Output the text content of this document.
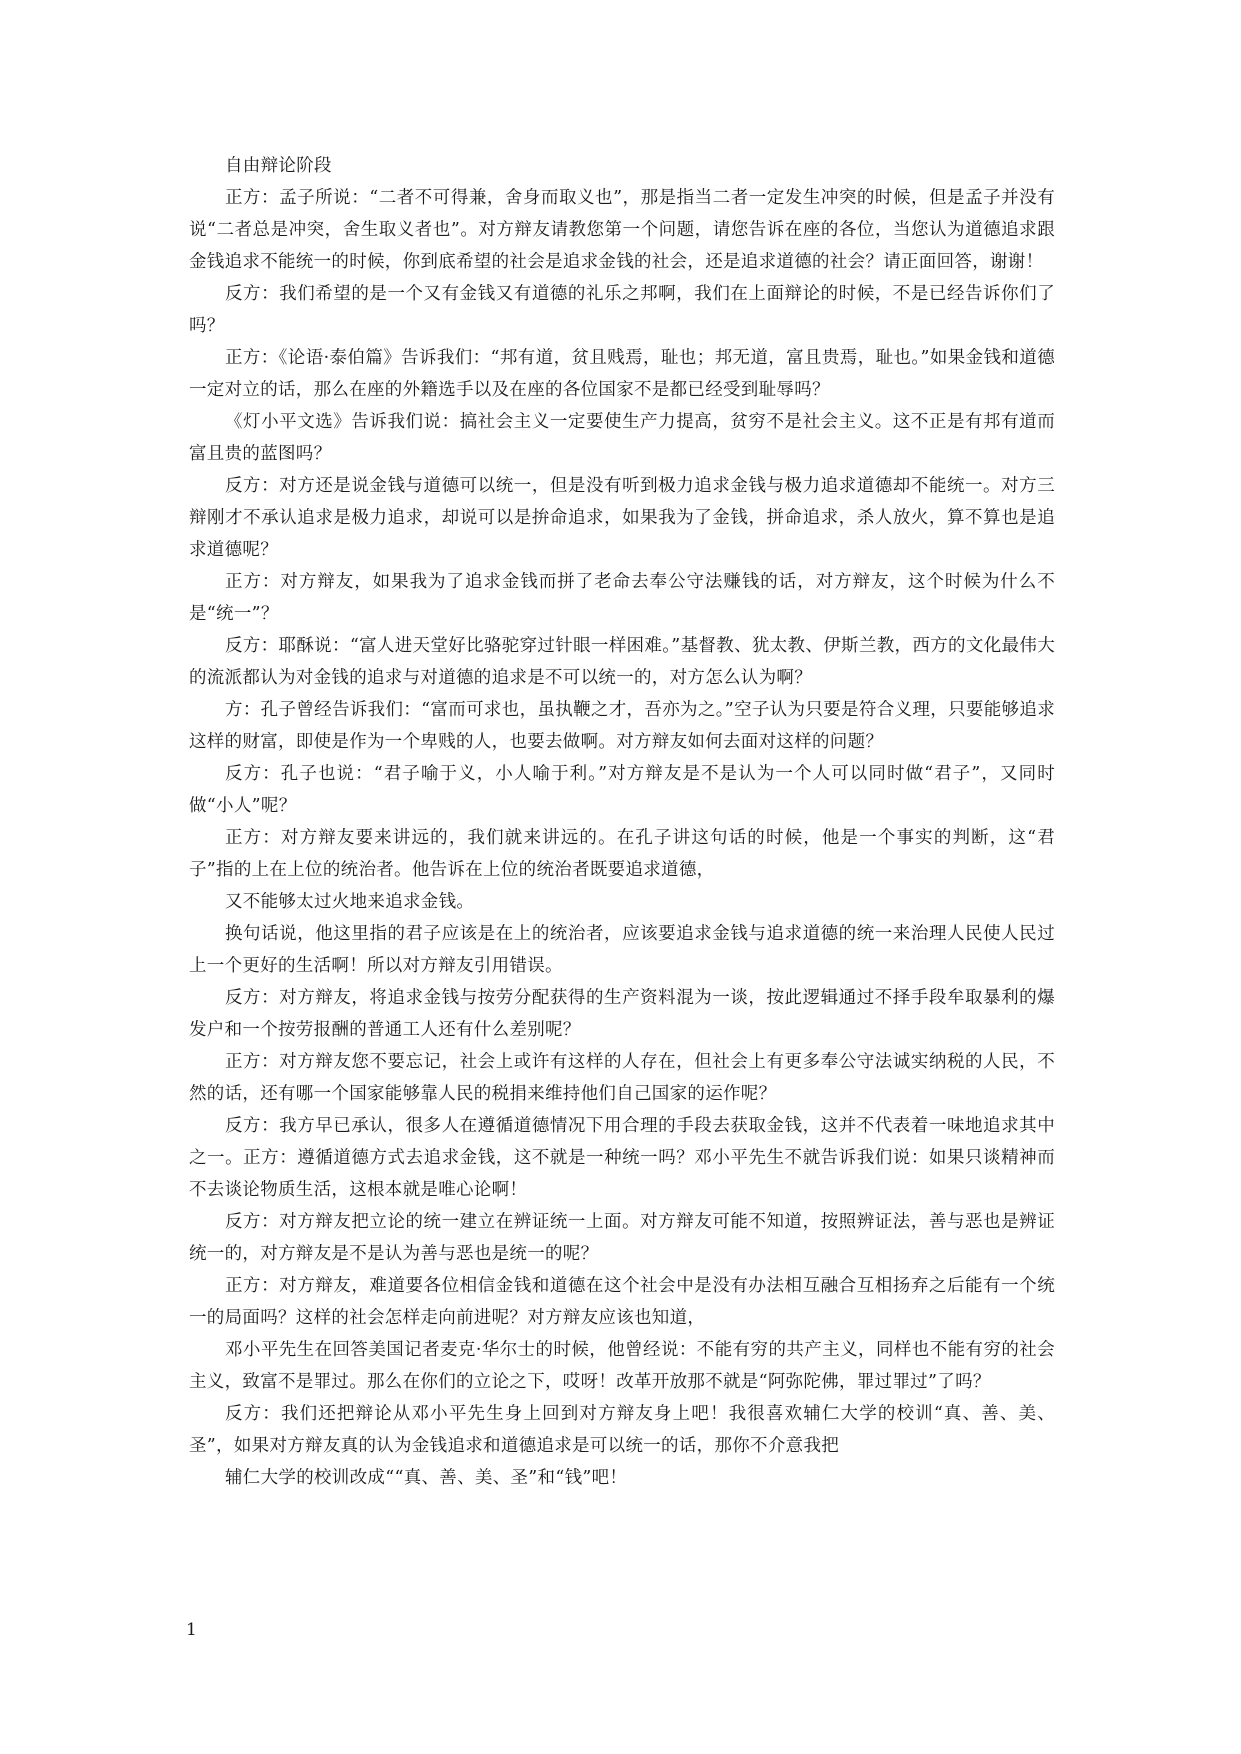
自由辩论阶段

正方：孟子所说：“二者不可得兼，舍身而取义也”，那是指当二者一定发生冲突的时候，但是孟子并没有说“二者总是冲突，舍生取义者也”。对方辩友请教您第一个问题，请您告诉在座的各位，当您认为道德追求跟金钱追求不能统一的时候，你到底希望的社会是追求金钱的社会，还是追求道德的社会？请正面回答，谢谢！

反方：我们希望的是一个又有金钱又有道德的礼乐之邦啊，我们在上面辩论的时候，不是已经告诉你们了吗？

正方：《论语·泰伯篇》告诉我们：“邦有道，贫且贱焉，耻也；邦无道，富且贵焉，耻也。”如果金钱和道德一定对立的话，那么在座的外籍选手以及在座的各位国家不是都已经受到耻辱吗？

《灯小平文选》告诉我们说：搞社会主义一定要使生产力提高，贫穷不是社会主义。这不正是有邦有道而富且贵的蓝图吗？

反方：对方还是说金钱与道德可以统一，但是没有听到极力追求金钱与极力追求道德却不能统一。对方三辩刚才不承认追求是极力追求，却说可以是拚命追求，如果我为了金钱，拼命追求，杀人放火，算不算也是追求道德呢？

正方：对方辩友，如果我为了追求金钱而拼了老命去奉公守法赚钱的话，对方辩友，这个时候为什么不是“统一”？

反方：耶酥说：“富人进天堂好比骆驼穿过针眼一样困难。”基督教、犹太教、伊斯兰教，西方的文化最伟大的流派都认为对金钱的追求与对道德的追求是不可以统一的，对方怎么认为啊？

方：孔子曾经告诉我们：“富而可求也，虽执鞭之才，吾亦为之。”空子认为只要是符合义理，只要能够追求这样的财富，即使是作为一个卑贱的人，也要去做啊。对方辩友如何去面对这样的问题？

反方：孔子也说：“君子喻于义，小人喻于利。”对方辩友是不是认为一个人可以同时做“君子”，又同时做“小人”呢？

正方：对方辩友要来讲远的，我们就来讲远的。在孔子讲这句话的时候，他是一个事实的判断，这“君子”指的上在上位的统治者。他告诉在上位的统治者既要追求道德，

又不能够太过火地来追求金钱。

换句话说，他这里指的君子应该是在上的统治者，应该要追求金钱与追求道德的统一来治理人民使人民过上一个更好的生活啊！所以对方辩友引用错误。

反方：对方辩友，将追求金钱与按劳分配获得的生产资料混为一谈，按此逻辑通过不择手段牟取暴利的爆发户和一个按劳报酬的普通工人还有什么差别呢？

正方：对方辩友您不要忘记，社会上或许有这样的人存在，但社会上有更多奉公守法诚实纳税的人民，不然的话，还有哪一个国家能够靠人民的税捐来维持他们自己国家的运作呢？

反方：我方早已承认，很多人在遵循道德情况下用合理的手段去获取金钱，这并不代表着一味地追求其中之一。正方：遵循道德方式去追求金钱，这不就是一种统一吗？邓小平先生不就告诉我们说：如果只谈精神而不去谈论物质生活，这根本就是唯心论啊！

反方：对方辩友把立论的统一建立在辨证统一上面。对方辩友可能不知道，按照辨证法，善与恶也是辨证统一的，对方辩友是不是认为善与恶也是统一的呢？

正方：对方辩友，难道要各位相信金钱和道德在这个社会中是没有办法相互融合互相扬弃之后能有一个统一的局面吗？这样的社会怎样走向前进呢？对方辩友应该也知道，

邓小平先生在回答美国记者麦克·华尔士的时候，他曾经说：不能有穷的共产主义，同样也不能有穷的社会主义，致富不是罪过。那么在你们的立论之下，哎呀！改革开放那不就是“阿弥陀佛，罪过罪过”了吗？

反方：我们还把辩论从邓小平先生身上回到对方辩友身上吧！我很喜欢辅仁大学的校训“真、善、美、圣”，如果对方辩友真的认为金钱追求和道德追求是可以统一的话，那你不介意我把

辅仁大学的校训改成““真、善、美、圣”和“钱”吧！

1
